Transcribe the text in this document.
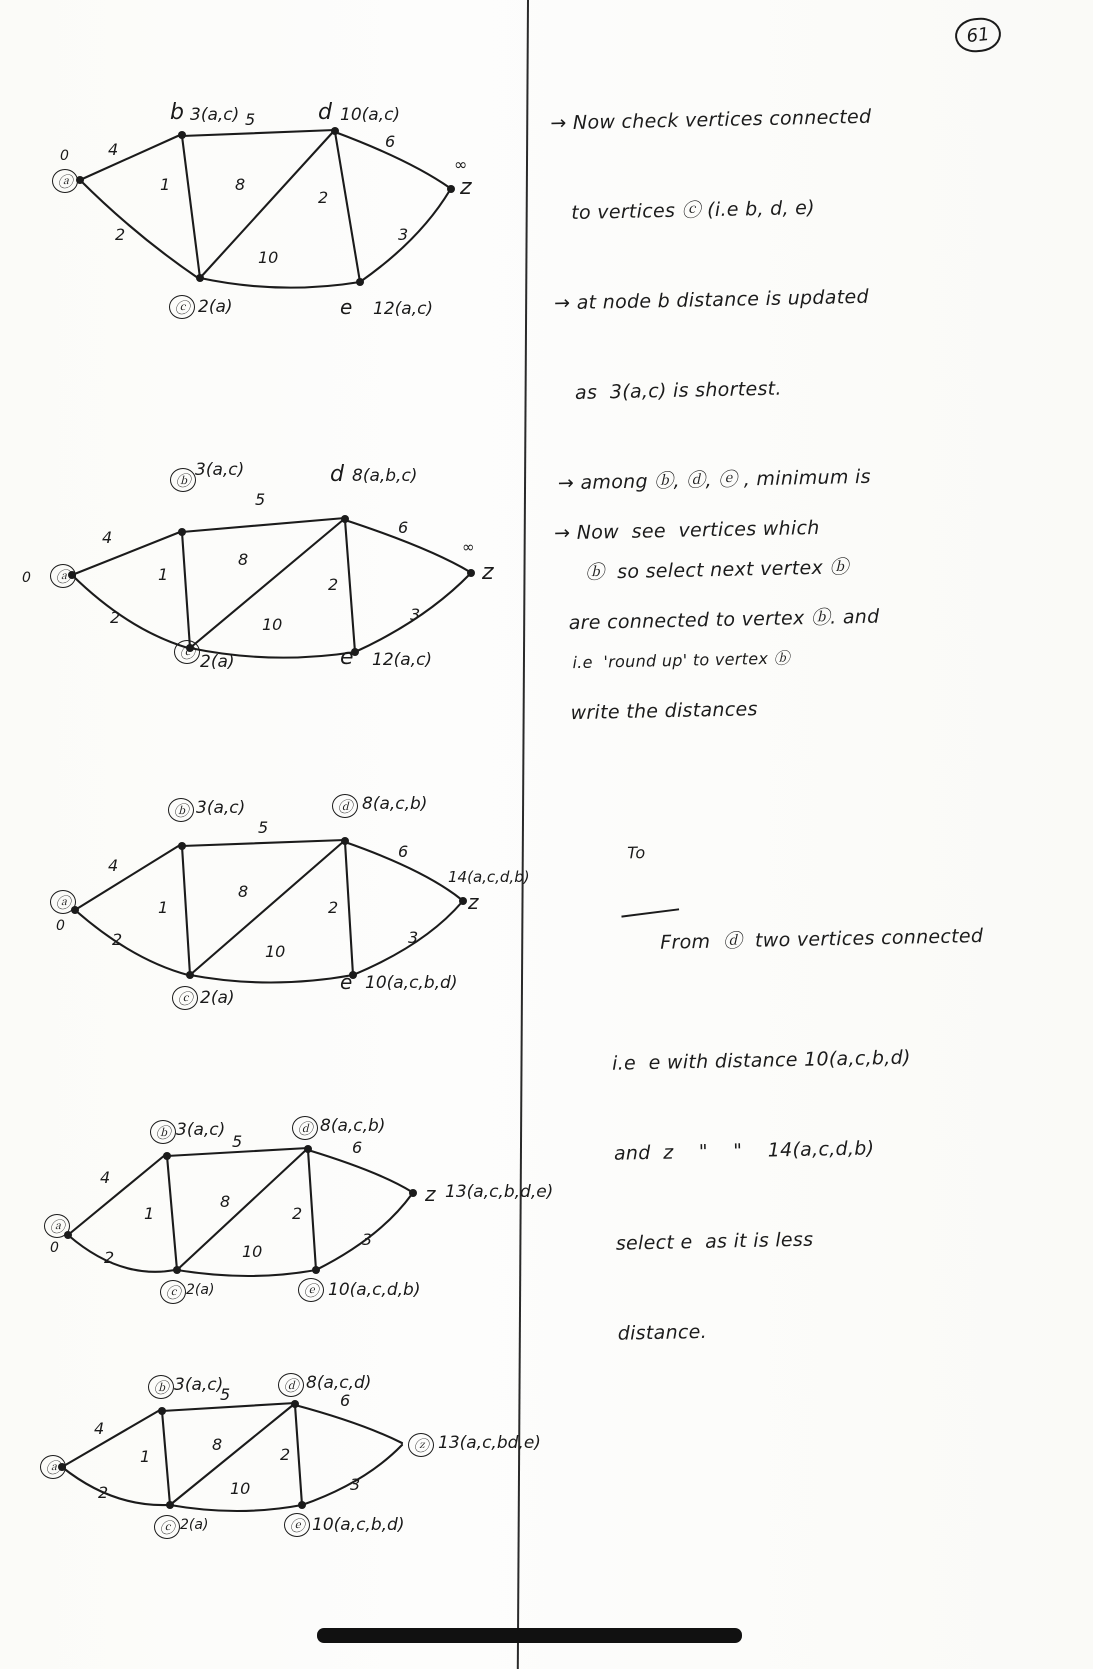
61
ⓐ
0
b 3(a,c)
ⓒ 2(a)
d 10(a,c)
e 12(a,c)
z
∞
4
2
1
5
8
10
2
6
3
ⓐ
0
ⓑ
3(a,c)
ⓒ 2(a)
d 8(a,b,c)
e 12(a,c)
z
∞
4
2
1
5
8
10
2
6
3
ⓐ
0
ⓑ 3(a,c)
ⓒ 2(a)
ⓓ 8(a,c,b)
e 10(a,c,b,d)
z
14(a,c,d,b)
4
2
1
5
8
10
2
6
3
ⓐ
0
ⓑ 3(a,c)
ⓒ 2(a)
ⓓ 8(a,c,b)
ⓔ 10(a,c,d,b)
z 13(a,c,b,d,e)
4
2
1
5
8
10
2
6
3
ⓐ
ⓑ 3(a,c)
ⓒ 2(a)
ⓓ 8(a,c,d)
ⓔ 10(a,c,b,d)
ⓩ 13(a,c,bd,e)
4
2
1
5
8
10
2
6
3

→ Now check vertices connected

to vertices ⓒ (i.e b, d, e)

→ at node b distance is updated

as  3(a,c) is shortest.

→ among ⓑ, ⓓ, ⓔ , minimum is

ⓑ  so select next vertex ⓑ

i.e  'round up' to vertex ⓑ

→ Now  see  vertices which

are connected to vertex ⓑ. and

write the distances

To

From  ⓓ  two vertices connected

i.e  e with distance 10(a,c,b,d)

and  z    "    "    14(a,c,d,b)

select e  as it is less

distance.
